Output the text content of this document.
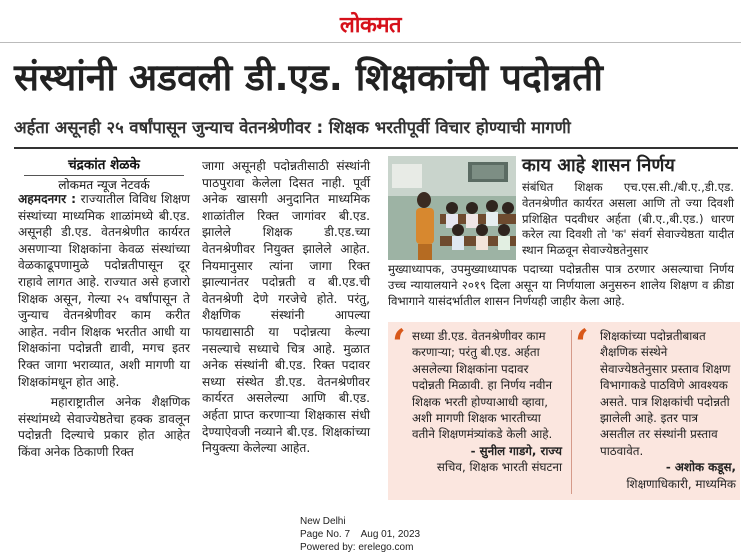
लोकमत
संस्थांनी अडवली डी.एड. शिक्षकांची पदोन्नती
अर्हता असूनही २५ वर्षांपासून जुन्याच वेतनश्रेणीवर : शिक्षक भरतीपूर्वी विचार होण्याची मागणी
चंद्रकांत शेळके
लोकमत न्यूज नेटवर्क

अहमदनगर : राज्यातील विविध शिक्षण संस्थांच्या माध्यमिक शाळांमध्ये बी.एड. असूनही डी.एड. वेतनश्रेणीत कार्यरत असणाऱ्या शिक्षकांना केवळ संस्थांच्या वेळकाढूपणामुळे पदोन्नतीपासून दूर राहावे लागत आहे. राज्यात असे हजारो शिक्षक असून, गेल्या २५ वर्षांपासून ते जुन्याच वेतनश्रेणीवर काम करीत आहेत. नवीन शिक्षक भरतीत आधी या शिक्षकांना पदोन्नती द्यावी, मगच इतर रिक्त जागा भराव्यात, अशी मागणी या शिक्षकांमधून होत आहे.

महाराष्ट्रातील अनेक शैक्षणिक संस्थांमध्ये सेवाज्येष्ठतेचा हक्क डावलून पदोन्नती दिल्याचे प्रकार होत आहेत किंवा अनेक ठिकाणी रिक्त

जागा असूनही पदोन्नतीसाठी संस्थांनी पाठपुरावा केलेला दिसत नाही. पूर्वी अनेक खासगी अनुदानित माध्यमिक शाळांतील रिक्त जागांवर बी.एड. झालेले शिक्षक डी.एड.च्या वेतनश्रेणीवर नियुक्त झालेले आहेत. नियमानुसार त्यांना जागा रिक्त झाल्यानंतर पदोन्नती व बी.एड.ची वेतनश्रेणी देणे गरजेचे होते. परंतु, शैक्षणिक संस्थांनी आपल्या फायद्यासाठी या पदोन्नत्या केल्या नसल्याचे सध्याचे चित्र आहे. मुळात अनेक संस्थांनी बी.एड. रिक्त पदावर सध्या संस्थेत डी.एड. वेतनश्रेणीवर कार्यरत असलेल्या आणि बी.एड. अर्हता प्राप्त करणाऱ्या शिक्षकास संधी देण्याऐवजी नव्याने बी.एड. शिक्षकांच्या नियुक्त्या केलेल्या आहेत.

काय आहे शासन निर्णय
संबंधित शिक्षक एच.एस.सी./बी.ए.,डी.एड. वेतनश्रेणीत कार्यरत असला आणि तो ज्या दिवशी प्रशिक्षित पदवीधर अर्हता (बी.ए.,बी.एड.) धारण करेल त्या दिवशी तो 'क' संवर्ग सेवाज्येष्ठता यादीत स्थान मिळवून सेवाज्येष्ठतेनुसार
मुख्याध्यापक, उपमुख्याध्यापक पदाच्या पदोन्नतीस पात्र ठरणार असल्याचा निर्णय उच्च न्यायालयाने २०१९ दिला असून या निर्णयाला अनुसरुन शालेय शिक्षण व क्रीडा विभागाने यासंदर्भातील शासन निर्णयही जाहीर केला आहे.
‘	‘
सध्या डी.एड. वेतनश्रेणीवर काम करणाऱ्या; परंतु बी.एड. अर्हता असलेल्या शिक्षकांना पदावर पदोन्नती मिळावी. हा निर्णय नवीन शिक्षक भरती होण्याआधी व्हावा, अशी मागणी शिक्षक भारतीच्या वतीने शिक्षणमंत्र्यांकडे केली आहे.
- सुनील गाडगे, राज्य
सचिव, शिक्षक भारती संघटना
शिक्षकांच्या पदोन्नतीबाबत शैक्षणिक संस्थेने सेवाज्येष्ठतेनुसार प्रस्ताव शिक्षण विभागाकडे पाठविणे आवश्यक असते. पात्र शिक्षकांची पदोन्नती झालेली आहे. इतर पात्र असतील तर संस्थांनी प्रस्ताव पाठवावेत.
- अशोक कडूस,
शिक्षणाधिकारी, माध्यमिक
New Delhi
Page No. 7    Aug 01, 2023
Powered by: erelego.com
